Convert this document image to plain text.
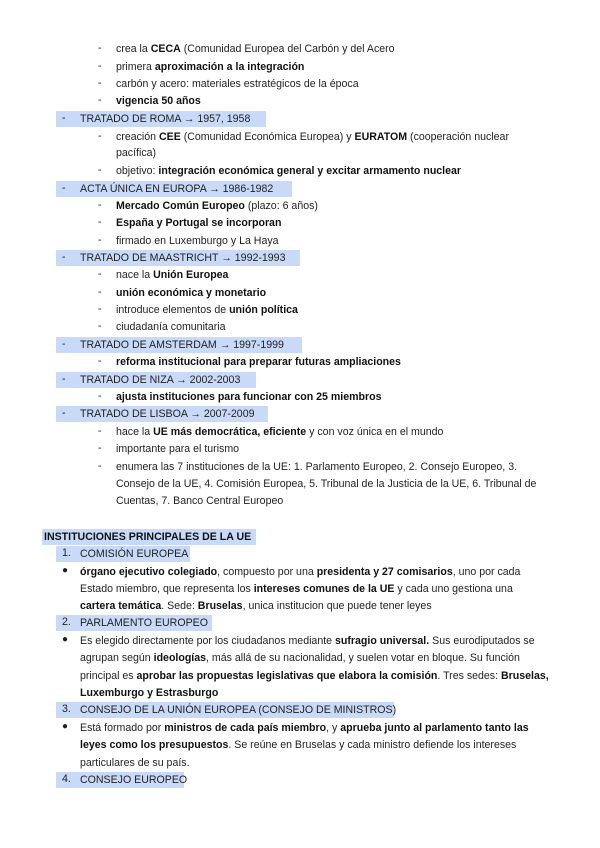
- crea la CECA (Comunidad Europea del Carbón y del Acero
- primera aproximación a la integración
- carbón y acero: materiales estratégicos de la época
- vigencia 50 años
- TRATADO DE ROMA → 1957, 1958
- creación CEE (Comunidad Económica Europea) y EURATOM (cooperación nuclear
pacífica)
- objetivo: integración económica general y excitar armamento nuclear
- ACTA ÚNICA EN EUROPA → 1986-1982
- Mercado Común Europeo (plazo: 6 años)
- España y Portugal se incorporan
- firmado en Luxemburgo y La Haya
- TRATADO DE MAASTRICHT → 1992-1993
- nace la Unión Europea
- unión económica y monetario
- introduce elementos de unión política
- ciudadanía comunitaria
- TRATADO DE AMSTERDAM → 1997-1999
- reforma institucional para preparar futuras ampliaciones
- TRATADO DE NIZA → 2002-2003
- ajusta instituciones para funcionar con 25 miembros
- TRATADO DE LISBOA → 2007-2009
- hace la UE más democrática, eficiente y con voz única en el mundo
- importante para el turismo
- enumera las 7 instituciones de la UE: 1. Parlamento Europeo, 2. Consejo Europeo, 3.
Consejo de la UE, 4. Comisión Europea, 5. Tribunal de la Justicia de la UE, 6. Tribunal de
Cuentas, 7. Banco Central Europeo
INSTITUCIONES PRINCIPALES DE LA UE
1. COMISIÓN EUROPEA
● órgano ejecutivo colegiado, compuesto por una presidenta y 27 comisarios, uno por cada
Estado miembro, que representa los intereses comunes de la UE y cada uno gestiona una
cartera temática. Sede: Bruselas, unica institucion que puede tener leyes
2. PARLAMENTO EUROPEO
● Es elegido directamente por los ciudadanos mediante sufragio universal. Sus eurodiputados se
agrupan según ideologías, más allá de su nacionalidad, y suelen votar en bloque. Su función
principal es aprobar las propuestas legislativas que elabora la comisión. Tres sedes: Bruselas,
Luxemburgo y Estrasburgo
3. CONSEJO DE LA UNIÓN EUROPEA (CONSEJO DE MINISTROS)
● Está formado por ministros de cada país miembro, y aprueba junto al parlamento tanto las
leyes como los presupuestos. Se reúne en Bruselas y cada ministro defiende los intereses
particulares de su país.
4. CONSEJO EUROPEO
